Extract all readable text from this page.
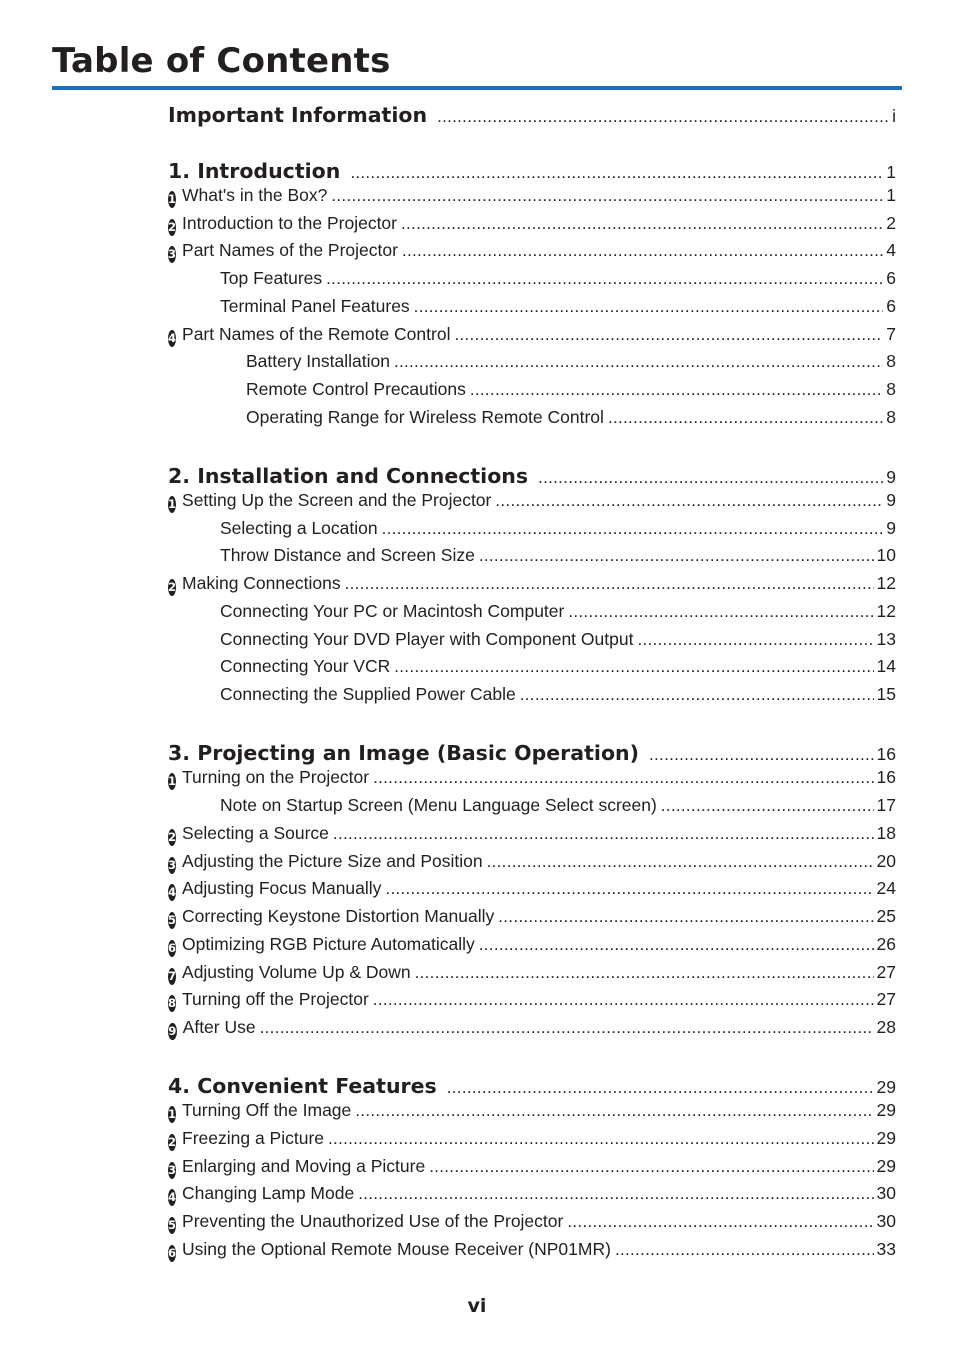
Table of Contents
Important Information .....	i
1. Introduction .....	1
1 What's in the Box? .....	1
2 Introduction to the Projector .....	2
3 Part Names of the Projector .....	4
Top Features .....	6
Terminal Panel Features .....	6
4 Part Names of the Remote Control .....	7
Battery Installation .....	8
Remote Control Precautions .....	8
Operating Range for Wireless Remote Control .....	8
2. Installation and Connections .....	9
1 Setting Up the Screen and the Projector .....	9
Selecting a Location .....	9
Throw Distance and Screen Size .....	10
2 Making Connections .....	12
Connecting Your PC or Macintosh Computer .....	12
Connecting Your DVD Player with Component Output .....	13
Connecting Your VCR .....	14
Connecting the Supplied Power Cable .....	15
3. Projecting an Image (Basic Operation) .....	16
1 Turning on the Projector .....	16
Note on Startup Screen (Menu Language Select screen) .....	17
2 Selecting a Source .....	18
3 Adjusting the Picture Size and Position .....	20
4 Adjusting Focus Manually .....	24
5 Correcting Keystone Distortion Manually .....	25
6 Optimizing RGB Picture Automatically .....	26
7 Adjusting Volume Up & Down .....	27
8 Turning off the Projector .....	27
9 After Use .....	28
4. Convenient Features .....	29
1 Turning Off the Image .....	29
2 Freezing a Picture .....	29
3 Enlarging and Moving a Picture .....	29
4 Changing Lamp Mode .....	30
5 Preventing the Unauthorized Use of the Projector .....	30
6 Using the Optional Remote Mouse Receiver (NP01MR) .....	33
vi
